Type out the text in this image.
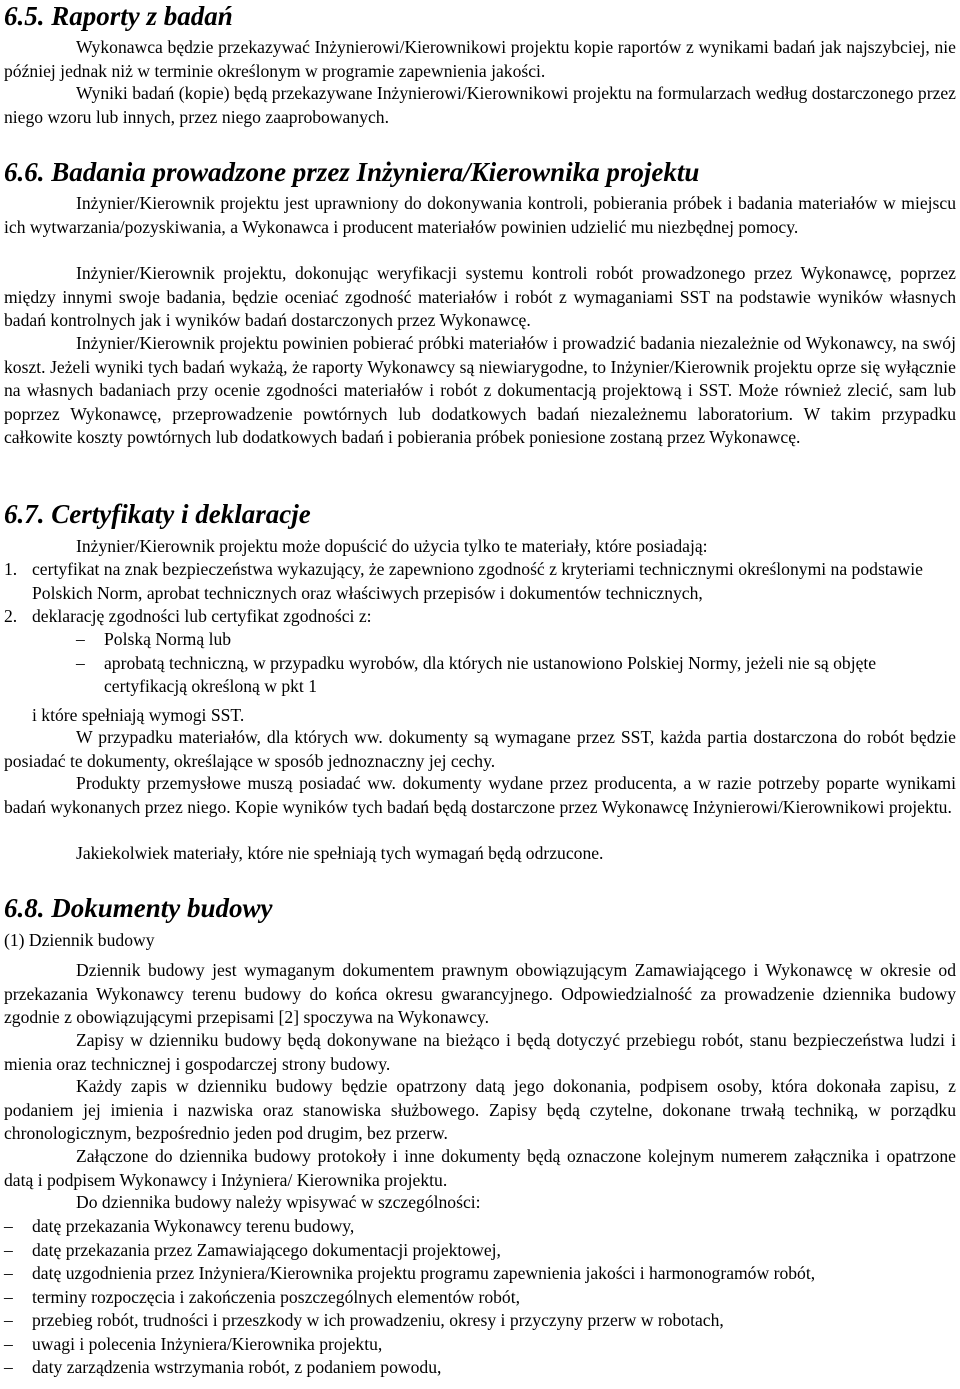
6.5. Raporty z badań

Wykonawca będzie przekazywać Inżynierowi/Kierownikowi projektu kopie raportów z wynikami badań jak najszybciej, nie później jednak niż w terminie określonym w programie zapewnienia jakości.

Wyniki badań (kopie) będą przekazywane Inżynierowi/Kierownikowi projektu na formularzach według dostarczonego przez niego wzoru lub innych, przez niego zaaprobowanych.

6.6. Badania prowadzone przez Inżyniera/Kierownika projektu

Inżynier/Kierownik projektu jest uprawniony do dokonywania kontroli, pobierania próbek i badania materiałów w miejscu ich wytwarzania/pozyskiwania, a Wykonawca i producent materiałów powinien udzielić mu niezbędnej pomocy.

Inżynier/Kierownik projektu, dokonując weryfikacji systemu kontroli robót prowadzonego przez Wykonawcę, poprzez między innymi swoje badania, będzie oceniać zgodność materiałów i robót z wymaganiami SST na podstawie wyników własnych badań kontrolnych jak i wyników badań dostarczonych przez Wykonawcę.

Inżynier/Kierownik projektu powinien pobierać próbki materiałów i prowadzić badania niezależnie od Wykonawcy, na swój koszt. Jeżeli wyniki tych badań wykażą, że raporty Wykonawcy są niewiarygodne, to Inżynier/Kierownik projektu oprze się wyłącznie na własnych badaniach przy ocenie zgodności materiałów i robót z dokumentacją projektową i SST. Może również zlecić, sam lub poprzez Wykonawcę, przeprowadzenie powtórnych lub dodatkowych badań niezależnemu laboratorium. W takim przypadku całkowite koszty powtórnych lub dodatkowych badań i pobierania próbek poniesione zostaną przez Wykonawcę.

6.7. Certyfikaty i deklaracje

Inżynier/Kierownik projektu może dopuścić do użycia tylko te materiały, które posiadają:

1. certyfikat na znak bezpieczeństwa wykazujący, że zapewniono zgodność z kryteriami technicznymi określonymi na podstawie Polskich Norm, aprobat technicznych oraz właściwych przepisów i dokumentów technicznych,
2. deklarację zgodności lub certyfikat zgodności z:
–	Polską Normą lub
–	aprobatą techniczną, w przypadku wyrobów, dla których nie ustanowiono Polskiej Normy, jeżeli nie są objęte certyfikacją określoną w pkt 1

i które spełniają wymogi SST.

W przypadku materiałów, dla których ww. dokumenty są wymagane przez SST, każda partia dostarczona do robót będzie posiadać te dokumenty, określające w sposób jednoznaczny jej cechy.

Produkty przemysłowe muszą posiadać ww. dokumenty wydane przez producenta, a w razie potrzeby poparte wynikami badań wykonanych przez niego. Kopie wyników tych badań będą dostarczone przez Wykonawcę Inżynierowi/Kierownikowi projektu.

Jakiekolwiek materiały, które nie spełniają tych wymagań będą odrzucone.

6.8. Dokumenty budowy

(1) Dziennik budowy

Dziennik budowy jest wymaganym dokumentem prawnym obowiązującym Zamawiającego i Wykonawcę w okresie od przekazania Wykonawcy terenu budowy do końca okresu gwarancyjnego. Odpowiedzialność za prowadzenie dziennika budowy zgodnie z obowiązującymi przepisami [2] spoczywa na Wykonawcy.

Zapisy w dzienniku budowy będą dokonywane na bieżąco i będą dotyczyć przebiegu robót, stanu bezpieczeństwa ludzi i mienia oraz technicznej i gospodarczej strony budowy.

Każdy zapis w dzienniku budowy będzie opatrzony datą jego dokonania, podpisem osoby, która dokonała zapisu, z podaniem jej imienia i nazwiska oraz stanowiska służbowego. Zapisy będą czytelne, dokonane trwałą techniką, w porządku chronologicznym, bezpośrednio jeden pod drugim, bez przerw.

Załączone do dziennika budowy protokoły i inne dokumenty będą oznaczone kolejnym numerem załącznika i opatrzone datą i podpisem Wykonawcy i Inżyniera/ Kierownika projektu.

Do dziennika budowy należy wpisywać w szczególności:

–	datę przekazania Wykonawcy terenu budowy,
–	datę przekazania przez Zamawiającego dokumentacji projektowej,
–	datę uzgodnienia przez Inżyniera/Kierownika projektu programu zapewnienia jakości i harmonogramów robót,
–	terminy rozpoczęcia i zakończenia poszczególnych elementów robót,
–	przebieg robót, trudności i przeszkody w ich prowadzeniu, okresy i przyczyny przerw w robotach,
–	uwagi i polecenia Inżyniera/Kierownika projektu,
–	daty zarządzenia wstrzymania robót, z podaniem powodu,
